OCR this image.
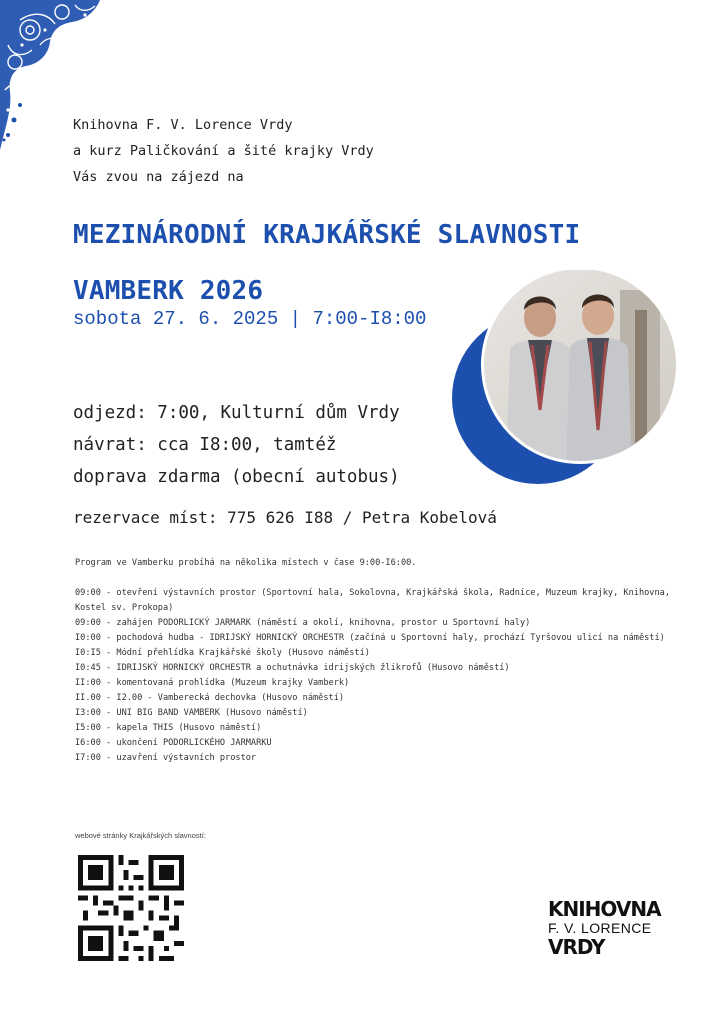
Knihovna F. V. Lorence Vrdy
a kurz Paličkování a šité krajky Vrdy
Vás zvou na zájezd na
MEZINÁRODNÍ KRAJKÁŘSKÉ SLAVNOSTI
VAMBERK 2026
sobota 27. 6. 2025 | 7:00-I8:00
odjezd: 7:00, Kulturní dům Vrdy
návrat: cca I8:00, tamtéž
doprava zdarma (obecní autobus)
rezervace míst: 775 626 I88 / Petra Kobelová
Program ve Vamberku probíhá na několika místech v čase 9:00-I6:00.
09:00 - otevření výstavních prostor (Sportovní hala, Sokolovna, Krajkářská škola, Radnice, Muzeum krajky, Knihovna, Kostel sv. Prokopa)
09:00 - zahájen PODORLICKÝ JARMARK (náměstí a okolí, knihovna, prostor u Sportovní haly)
I0:00 - pochodová hudba - IDRIJSKÝ HORNICKÝ ORCHESTR (začíná u Sportovní haly, prochází Tyršovou ulicí na náměstí)
I0:I5 - Módní přehlídka Krajkářské školy (Husovo náměstí)
I0:45 - IDRIJSKÝ HORNICKÝ ORCHESTR a ochutnávka idrijských žlikrofů (Husovo náměstí)
II:00 - komentovaná prohlídka (Muzeum krajky Vamberk)
II.00 - I2.00 - Vamberecká dechovka (Husovo náměstí)
I3:00 - UNI BIG BAND VAMBERK (Husovo náměstí)
I5:00 - kapela THIS (Husovo náměstí)
I6:00 - ukončení PODORLICKÉHO JARMARKU
I7:00 - uzavření výstavních prostor
webové stránky Krajkářských slavností:
KNIHOVNA
F. V. LORENCE
VRDY
